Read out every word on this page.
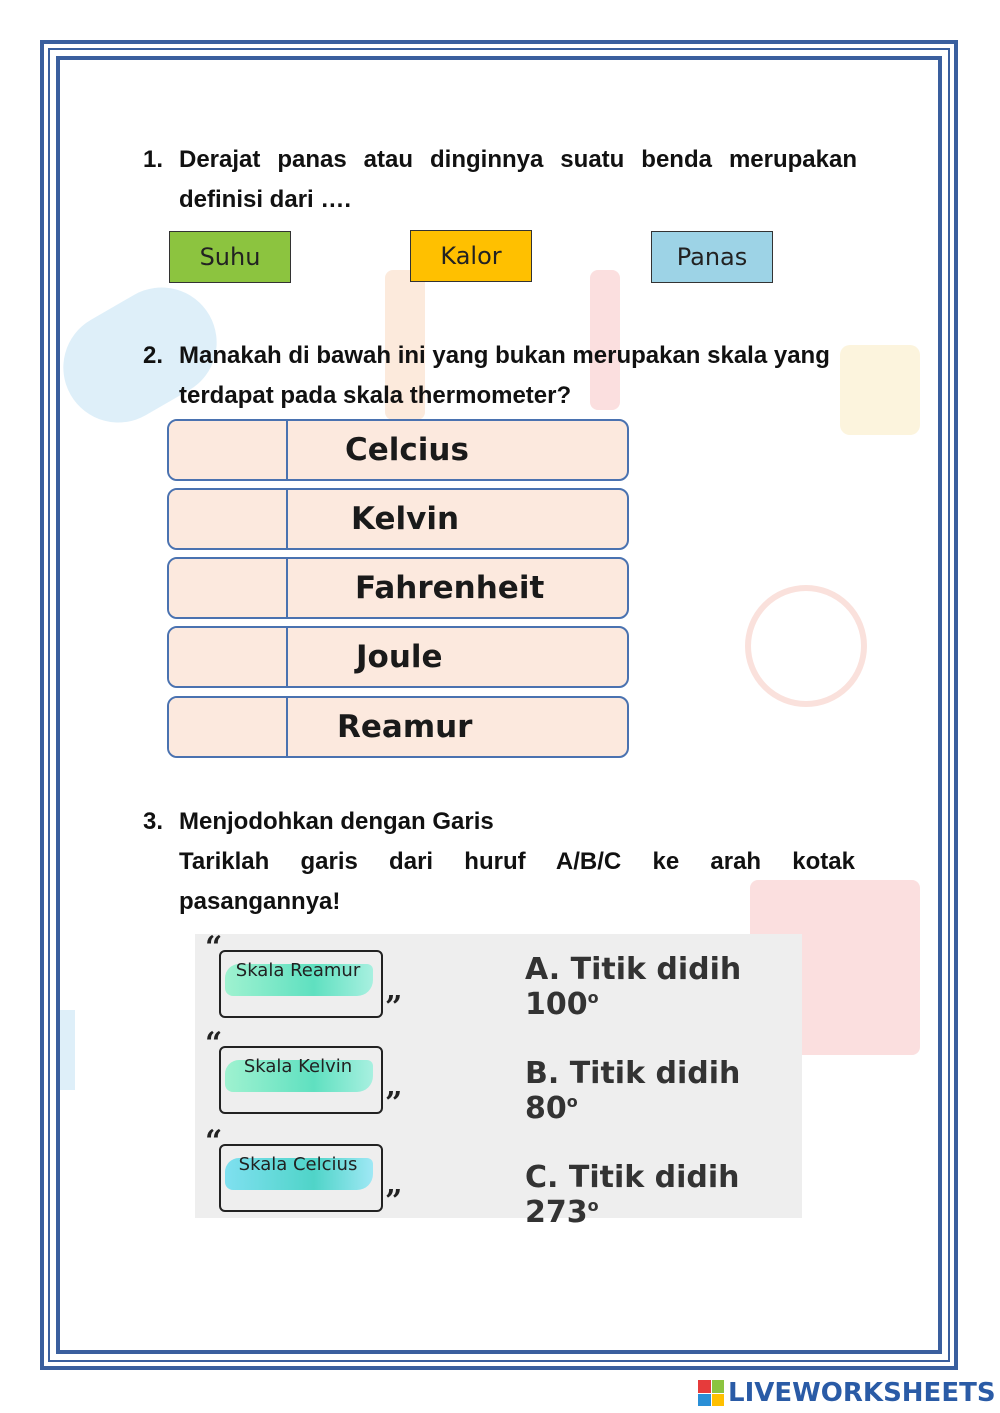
1. Derajat panas atau dinginnya suatu benda merupakan
definisi dari ….
Suhu	Kalor	Panas
2. Manakah di bawah ini yang bukan merupakan skala yang
terdapat pada skala thermometer?
Celcius
Kelvin
Fahrenheit
Joule
Reamur
3. Menjodohkan dengan Garis
Tariklah garis dari huruf A/B/C ke arah kotak
pasangannya!
“
”
Skala Reamur
“
”
Skala Kelvin
“
”
Skala Celcius
A. Titik didih 100$^o$
B. Titik didih 80$^o$
C. Titik didih 273$^o$
LIVEWORKSHEETS
